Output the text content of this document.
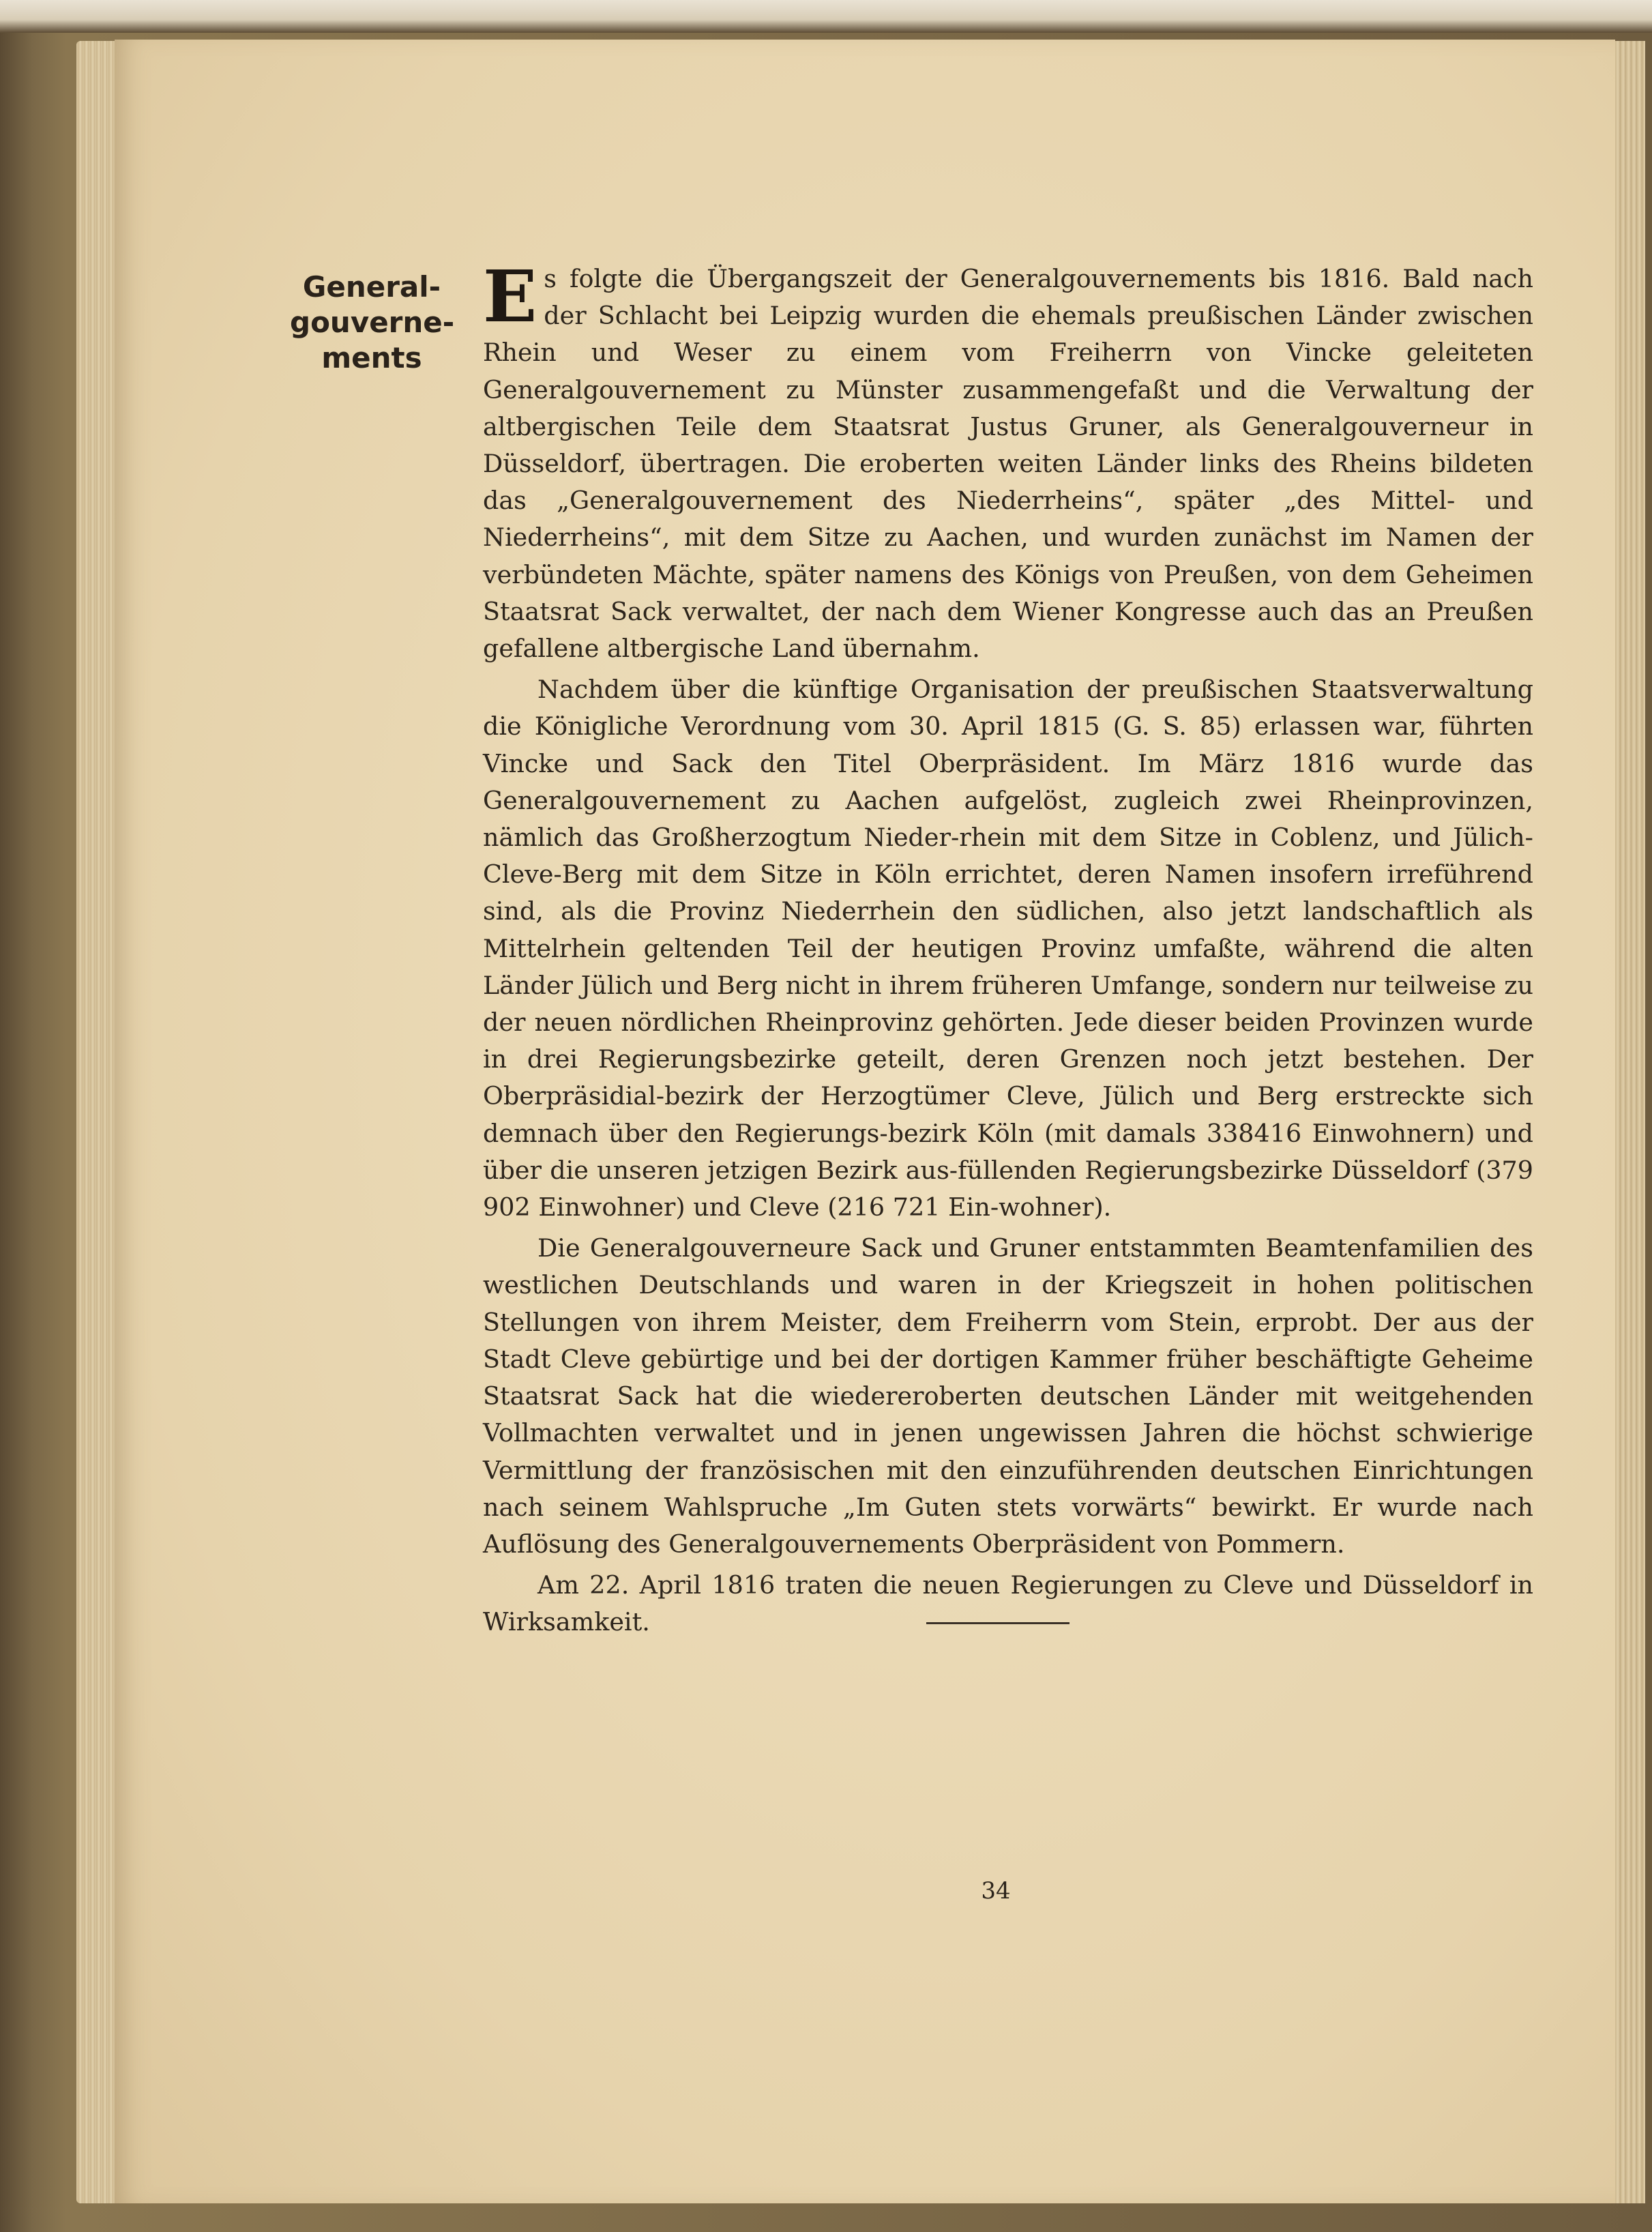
General-
gouverne-
ments

Es folgte die Übergangszeit der Generalgouvernements bis 1816. Bald nach der Schlacht bei Leipzig wurden die ehemals preußischen Länder zwischen Rhein und Weser zu einem vom Freiherrn von Vincke geleiteten Generalgouvernement zu Münster zusammengefaßt und die Verwaltung der altbergischen Teile dem Staatsrat Justus Gruner, als Generalgouverneur in Düsseldorf, übertragen. Die eroberten weiten Länder links des Rheins bildeten das „Generalgouvernement des Niederrheins“, später „des Mittel- und Niederrheins“, mit dem Sitze zu Aachen, und wurden zunächst im Namen der verbündeten Mächte, später namens des Königs von Preußen, von dem Geheimen Staatsrat Sack verwaltet, der nach dem Wiener Kongresse auch das an Preußen gefallene altbergische Land übernahm.

Nachdem über die künftige Organisation der preußischen Staatsverwaltung die Königliche Verordnung vom 30. April 1815 (G. S. 85) erlassen war, führten Vincke und Sack den Titel Oberpräsident. Im März 1816 wurde das Generalgouvernement zu Aachen aufgelöst, zugleich zwei Rheinprovinzen, nämlich das Großherzogtum Nieder-rhein mit dem Sitze in Coblenz, und Jülich-Cleve-Berg mit dem Sitze in Köln errichtet, deren Namen insofern irreführend sind, als die Provinz Niederrhein den südlichen, also jetzt landschaftlich als Mittelrhein geltenden Teil der heutigen Provinz umfaßte, während die alten Länder Jülich und Berg nicht in ihrem früheren Umfange, sondern nur teilweise zu der neuen nördlichen Rheinprovinz gehörten. Jede dieser beiden Provinzen wurde in drei Regierungsbezirke geteilt, deren Grenzen noch jetzt bestehen. Der Oberpräsidial-bezirk der Herzogtümer Cleve, Jülich und Berg erstreckte sich demnach über den Regierungs-bezirk Köln (mit damals 338416 Einwohnern) und über die unseren jetzigen Bezirk aus-füllenden Regierungsbezirke Düsseldorf (379 902 Einwohner) und Cleve (216 721 Ein-wohner).

Die Generalgouverneure Sack und Gruner entstammten Beamtenfamilien des westlichen Deutschlands und waren in der Kriegszeit in hohen politischen Stellungen von ihrem Meister, dem Freiherrn vom Stein, erprobt. Der aus der Stadt Cleve gebürtige und bei der dortigen Kammer früher beschäftigte Geheime Staatsrat Sack hat die wiedereroberten deutschen Länder mit weitgehenden Vollmachten verwaltet und in jenen ungewissen Jahren die höchst schwierige Vermittlung der französischen mit den einzuführenden deutschen Einrichtungen nach seinem Wahlspruche „Im Guten stets vorwärts“ bewirkt. Er wurde nach Auflösung des Generalgouvernements Oberpräsident von Pommern.

Am 22. April 1816 traten die neuen Regierungen zu Cleve und Düsseldorf in Wirksamkeit.

34
